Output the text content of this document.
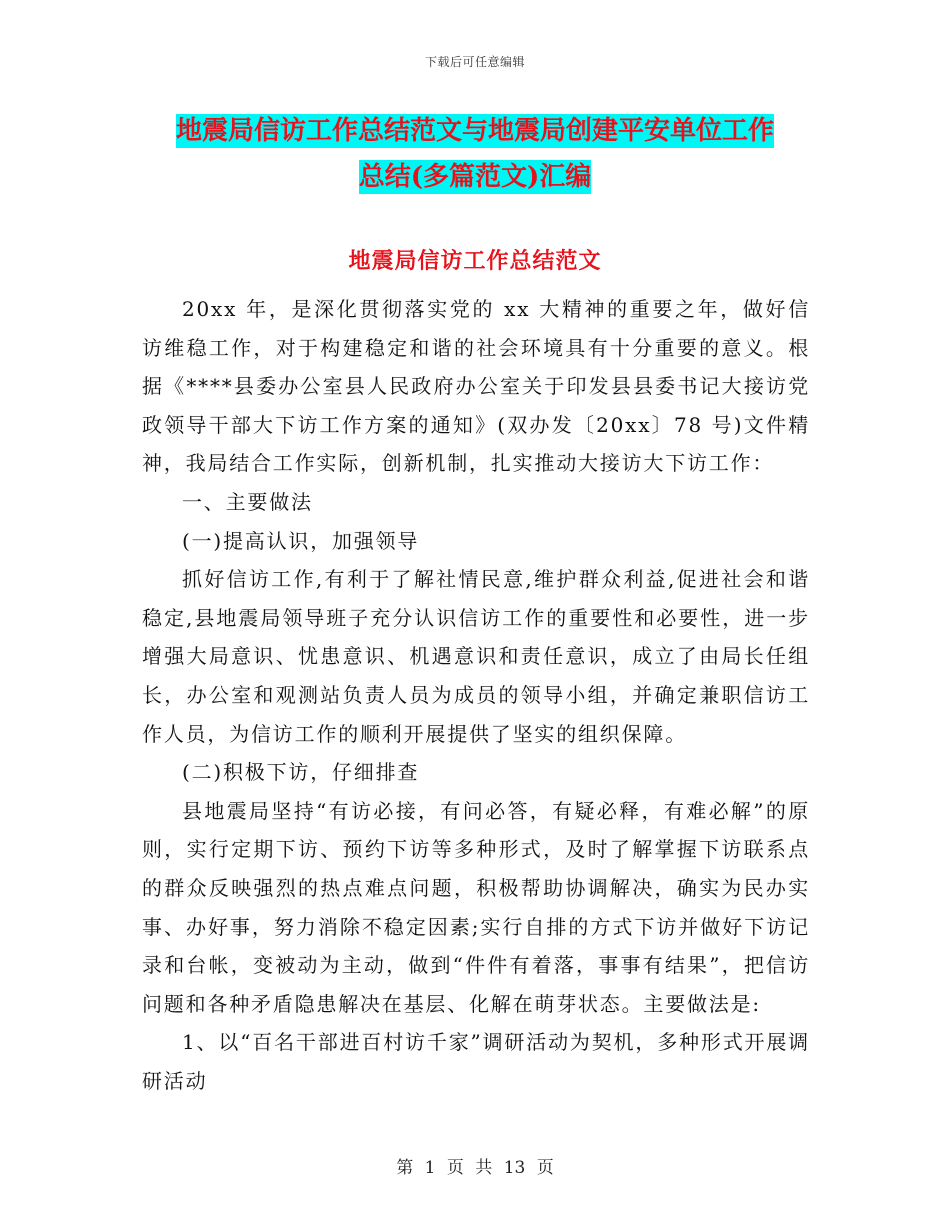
下载后可任意编辑
地震局信访工作总结范文与地震局创建平安单位工作
总结(多篇范文)汇编
地震局信访工作总结范文

20xx 年，是深化贯彻落实党的 xx 大精神的重要之年，做好信访维稳工作，对于构建稳定和谐的社会环境具有十分重要的意义。根据《****县委办公室县人民政府办公室关于印发县县委书记大接访党政领导干部大下访工作方案的通知》(双办发〔20xx〕78 号)文件精神，我局结合工作实际，创新机制，扎实推动大接访大下访工作：

一、主要做法

(一)提高认识，加强领导

抓好信访工作,有利于了解社情民意,维护群众利益,促进社会和谐稳定,县地震局领导班子充分认识信访工作的重要性和必要性，进一步增强大局意识、忧患意识、机遇意识和责任意识，成立了由局长任组长，办公室和观测站负责人员为成员的领导小组，并确定兼职信访工作人员，为信访工作的顺利开展提供了坚实的组织保障。

(二)积极下访，仔细排查

县地震局坚持“有访必接，有问必答，有疑必释，有难必解”的原则，实行定期下访、预约下访等多种形式，及时了解掌握下访联系点的群众反映强烈的热点难点问题，积极帮助协调解决，确实为民办实事、办好事，努力消除不稳定因素;实行自排的方式下访并做好下访记录和台帐，变被动为主动，做到“件件有着落，事事有结果”，把信访问题和各种矛盾隐患解决在基层、化解在萌芽状态。主要做法是:

1、以“百名干部进百村访千家”调研活动为契机，多种形式开展调研活动

第 1 页 共 13 页
